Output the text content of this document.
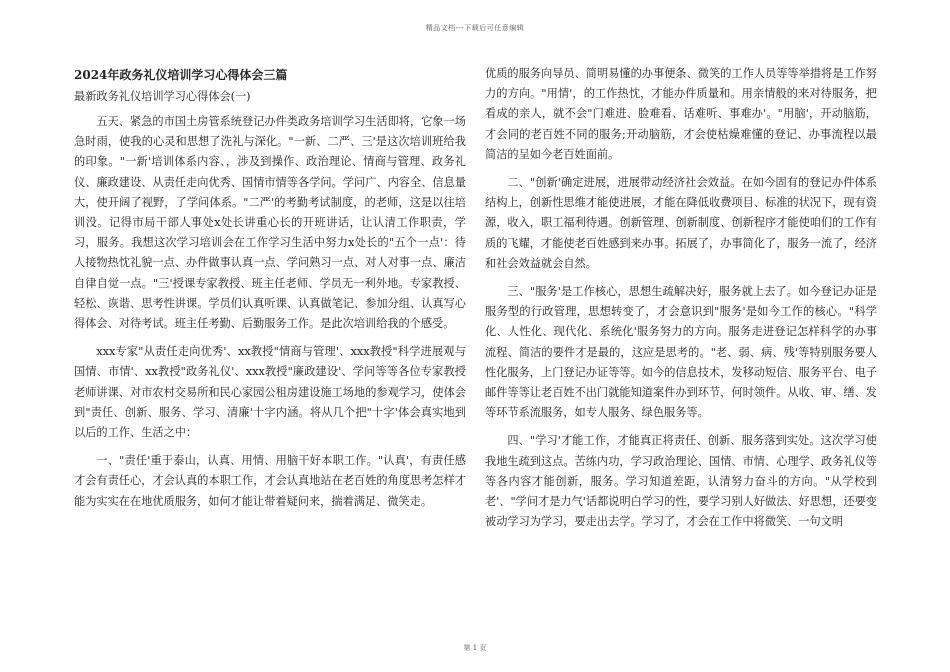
精品文档---下载后可任意编辑

2024年政务礼仪培训学习心得体会三篇

最新政务礼仪培训学习心得体会(一)

五天、紧急的市国土房管系统登记办件类政务培训学习生活即将，它象一场急时雨，使我的心灵和思想了洗礼与深化。"一新、二严、三'是这次培训班给我的印象。"一新'培训体系内容、，涉及到操作、政治理论、情商与管理、政务礼仪、廉政建设、从责任走向优秀、国情市情等各学问。学问广、内容全、信息量大，使开阔了视野，了学问体系。"二严'的考勤考试制度，的老师，这是以往培训没。记得市局干部人事处x处长讲重心长的开班讲话，让认清工作职责，学习，服务。我想这次学习培训会在工作学习生活中努力x处长的"五个一点'：待人接物热忱礼貌一点、办件做事认真一点、学问熟习一点、对人对事一点、廉洁自律自觉一点。"三'授课专家教授、班主任老师、学员无一利外地。专家教授、轻松、诙谐、思考性讲课。学员们认真听课、认真做笔记、参加分组、认真写心得体会、对待考试。班主任考勤、后勤服务工作。是此次培训给我的个感受。

xxx专家"从责任走向优秀'、xx教授"情商与管理'、xxx教授"科学进展观与国情、市情'、xx教授"政务礼仪'、xxx教授"廉政建设'、学问等等各位专家教授老师讲课、对市农村交易所和民心家园公租房建设施工场地的参观学习，使体会到"责任、创新、服务、学习、清廉'十字内涵。将从几个把"十字'体会真实地到以后的工作、生活之中：

一、"责任'重于泰山，认真、用情、用脑干好本职工作。"认真'，有责任感才会有责任心，才会认真的本职工作，才会认真地站在老百姓的角度思考怎样才能为实实在在地优质服务，如何才能让带着疑问来，揣着满足、微笑走。

优质的服务向导员、简明易懂的办事便条、微笑的工作人员等等举措将是工作努力的方向。"用情'，的工作热忱，才能办件质量和。用亲情般的来对待服务，把看成的亲人，就不会"门难进、脸难看、话难听、事难办'。"用脑'，开动脑筋，才会同的老百姓不同的服务;开动脑筋，才会使枯燥难懂的登记、办事流程以最简洁的呈如今老百姓面前。

二、"创新'确定进展，进展带动经济社会效益。在如今固有的登记办件体系结构上，创新性思维才能使进展，才能在降低收费项目、标准的状况下，现有资源，收入，职工福利待遇。创新管理、创新制度、创新程序才能使咱们的工作有质的飞耀，才能使老百姓感到来办事。拓展了，办事简化了，服务一流了，经济和社会效益就会自然。

三、"服务'是工作核心，思想生疏解决好，服务就上去了。如今登记办证是服务型的行政管理，思想转变了，才会意识到"服务'是如今工作的核心。"科学化、人性化、现代化、系统化'服务努力的方向。服务走进登记怎样科学的办事流程、简洁的要件才是最的，这应是思考的。"老、弱、病、残'等特别服务要人性化服务，上门登记办证等等。如今的信息技术，发移动短信、服务平台、电子邮件等等让老百姓不出门就能知道案件办到环节，何时领件。从收、审、缮、发等环节系流服务，如专人服务、绿色服务等。

四、"学习'才能工作，才能真正将责任、创新、服务落到实处。这次学习使我地生疏到这点。苦练内功，学习政治理论、国情、市情、心理学、政务礼仪等等各内容才能创新，服务。学习知道差距，认清努力奋斗的方向。"从学校到老'、"学问才是力气'话都说明白学习的性，要学习别人好做法、好思想，还要变被动学习为学习，要走出去学。学习了，才会在工作中将微笑、一句文明

第 1 页
